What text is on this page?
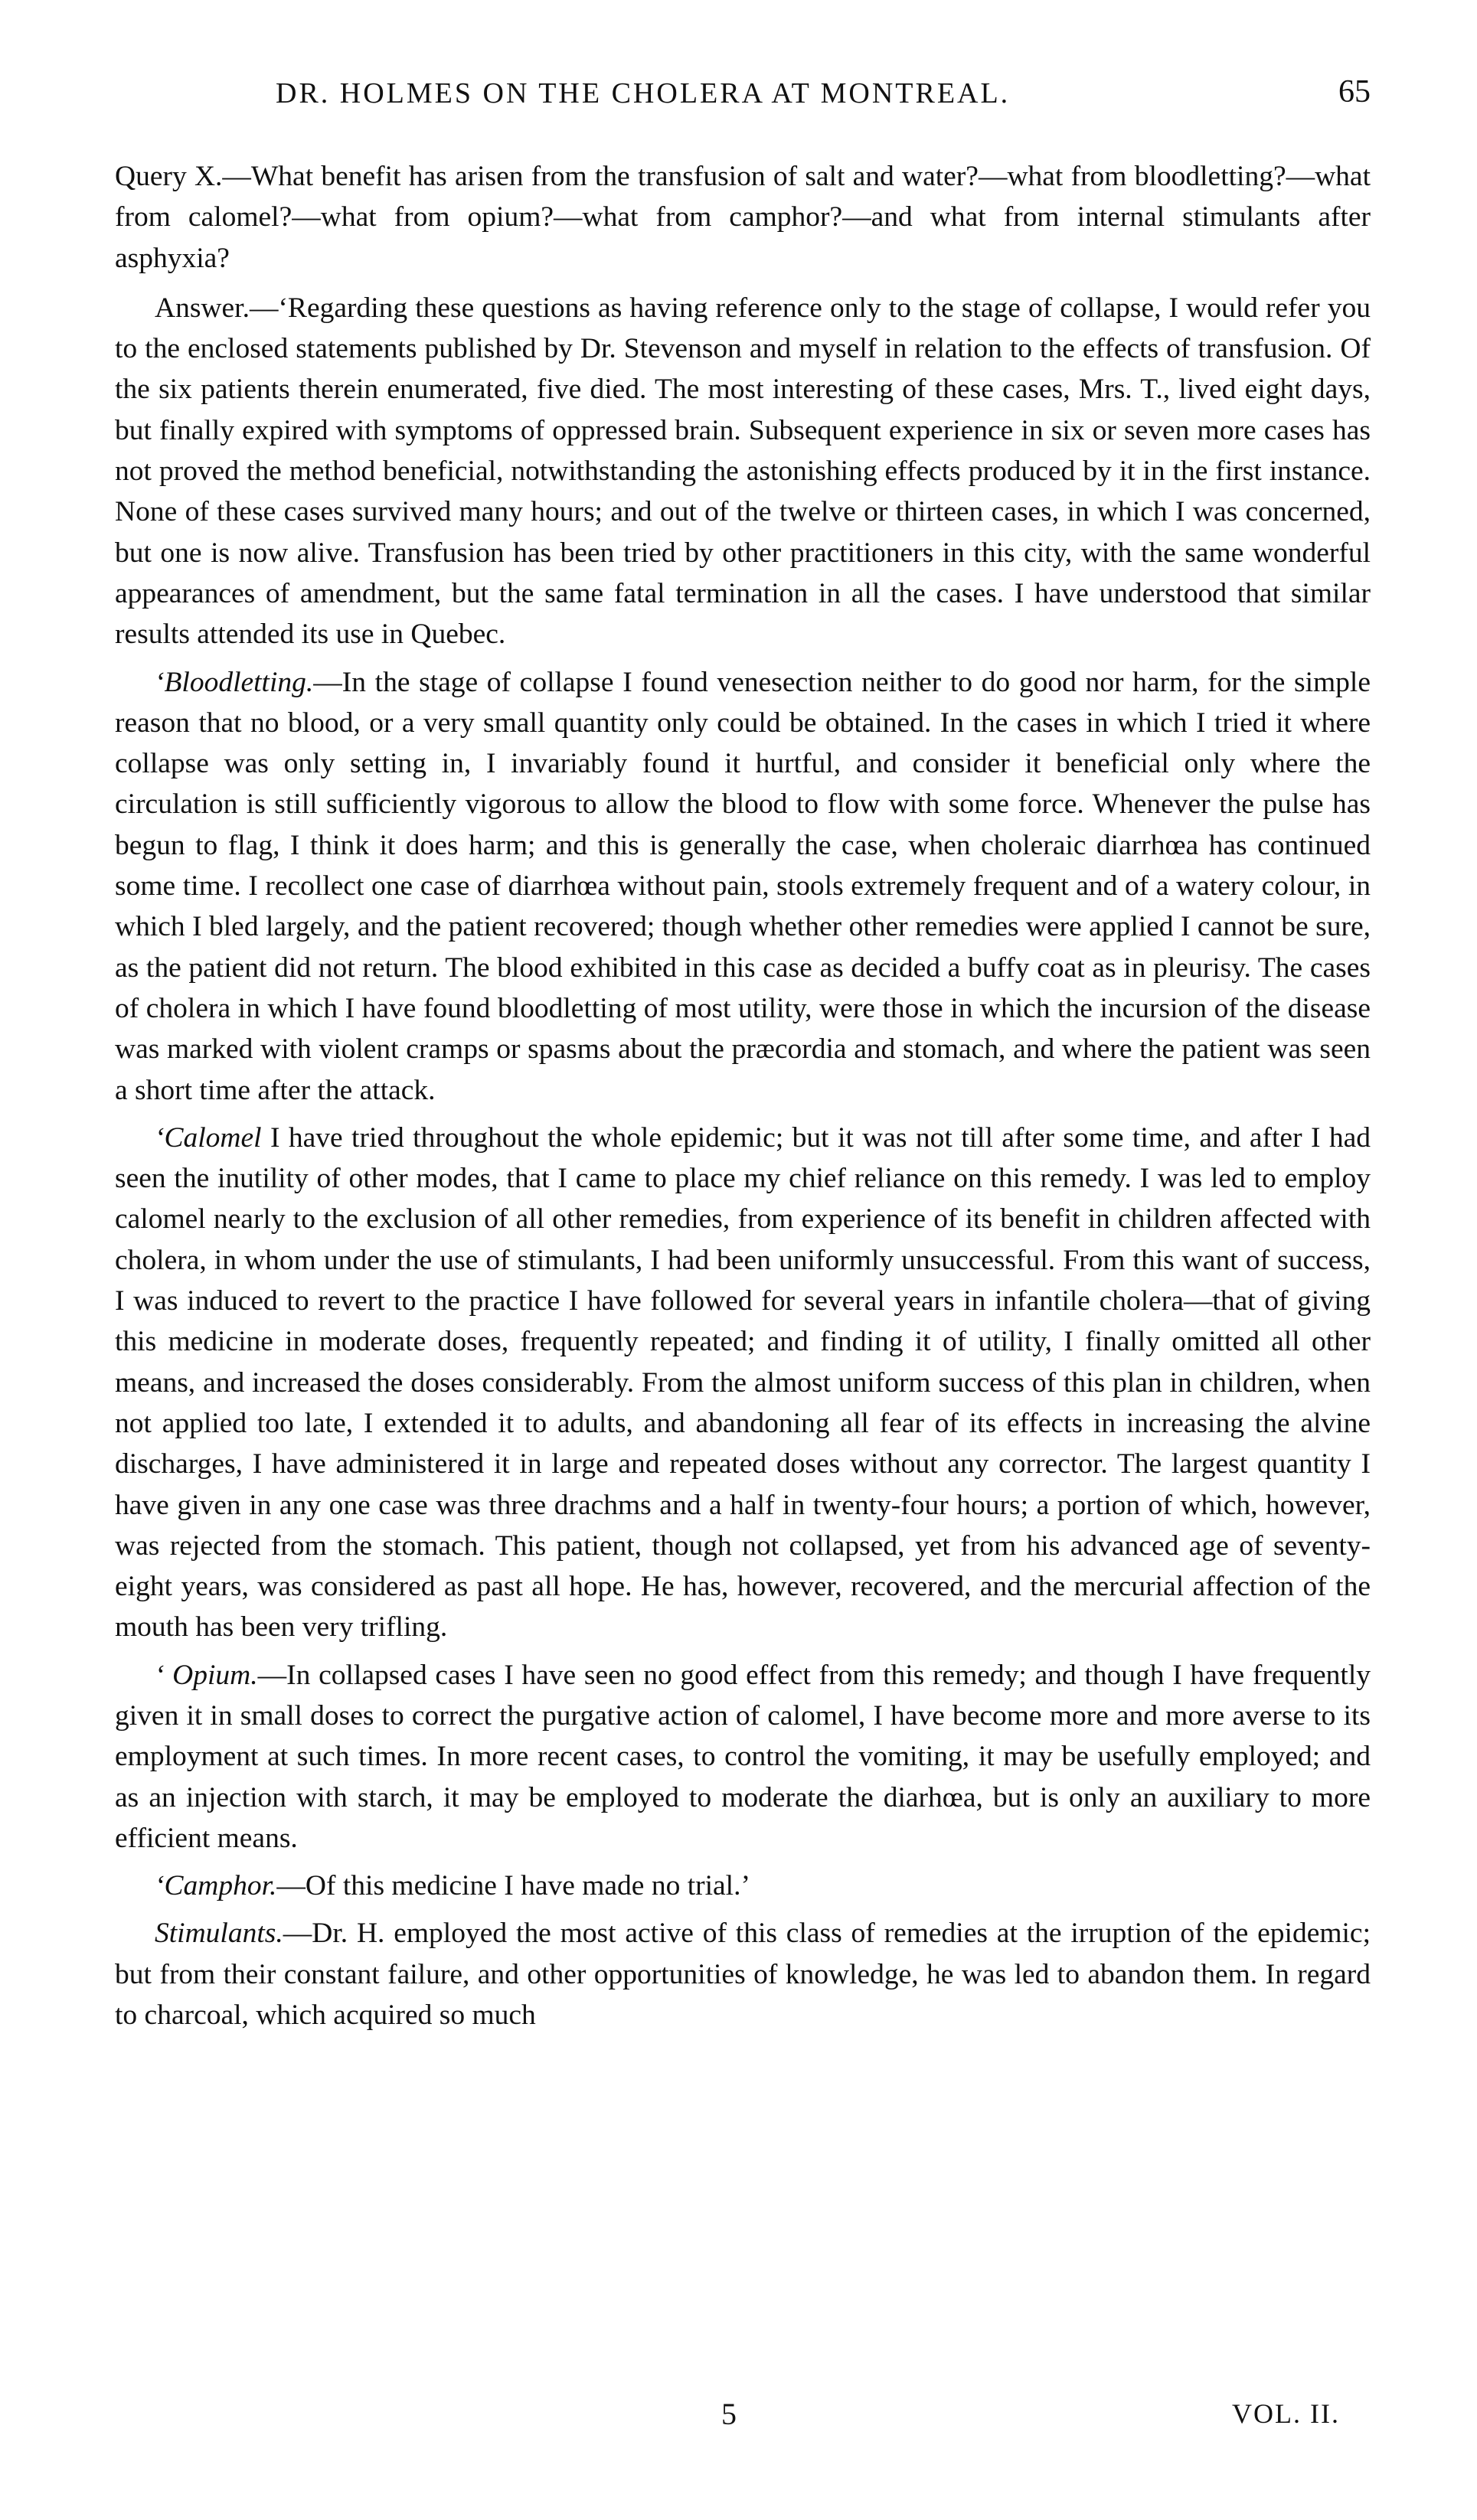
DR. HOLMES ON THE CHOLERA AT MONTREAL.	65

Query X.—What benefit has arisen from the transfusion of salt and water?—what from bloodletting?—what from calomel?—what from opium?—what from camphor?—and what from internal stimulants after asphyxia?

Answer.—‘Regarding these questions as having reference only to the stage of collapse, I would refer you to the enclosed statements published by Dr. Stevenson and myself in relation to the effects of transfusion. Of the six patients therein enumerated, five died. The most interesting of these cases, Mrs. T., lived eight days, but finally expired with symptoms of oppressed brain. Subsequent experience in six or seven more cases has not proved the method beneficial, notwithstanding the astonishing effects produced by it in the first instance. None of these cases survived many hours; and out of the twelve or thirteen cases, in which I was concerned, but one is now alive. Transfusion has been tried by other practitioners in this city, with the same wonderful appearances of amendment, but the same fatal termination in all the cases. I have understood that similar results attended its use in Quebec.

‘Bloodletting.—In the stage of collapse I found venesection neither to do good nor harm, for the simple reason that no blood, or a very small quantity only could be obtained. In the cases in which I tried it where collapse was only setting in, I invariably found it hurtful, and consider it beneficial only where the circulation is still sufficiently vigorous to allow the blood to flow with some force. Whenever the pulse has begun to flag, I think it does harm; and this is generally the case, when choleraic diarrhœa has continued some time. I recollect one case of diarrhœa without pain, stools extremely frequent and of a watery colour, in which I bled largely, and the patient recovered; though whether other remedies were applied I cannot be sure, as the patient did not return. The blood exhibited in this case as decided a buffy coat as in pleurisy. The cases of cholera in which I have found bloodletting of most utility, were those in which the incursion of the disease was marked with violent cramps or spasms about the præcordia and stomach, and where the patient was seen a short time after the attack.

‘Calomel I have tried throughout the whole epidemic; but it was not till after some time, and after I had seen the inutility of other modes, that I came to place my chief reliance on this remedy. I was led to employ calomel nearly to the exclusion of all other remedies, from experience of its benefit in children affected with cholera, in whom under the use of stimulants, I had been uniformly unsuccessful. From this want of success, I was induced to revert to the practice I have followed for several years in infantile cholera—that of giving this medicine in moderate doses, frequently repeated; and finding it of utility, I finally omitted all other means, and increased the doses considerably. From the almost uniform success of this plan in children, when not applied too late, I extended it to adults, and abandoning all fear of its effects in increasing the alvine discharges, I have administered it in large and repeated doses without any corrector. The largest quantity I have given in any one case was three drachms and a half in twenty-four hours; a portion of which, however, was rejected from the stomach. This patient, though not collapsed, yet from his advanced age of seventy-eight years, was considered as past all hope. He has, however, recovered, and the mercurial affection of the mouth has been very trifling.

‘ Opium.—In collapsed cases I have seen no good effect from this remedy; and though I have frequently given it in small doses to correct the purgative action of calomel, I have become more and more averse to its employment at such times. In more recent cases, to control the vomiting, it may be usefully employed; and as an injection with starch, it may be employed to moderate the diarhœa, but is only an auxiliary to more efficient means.

‘Camphor.—Of this medicine I have made no trial.’

Stimulants.—Dr. H. employed the most active of this class of remedies at the irruption of the epidemic; but from their constant failure, and other opportunities of knowledge, he was led to abandon them. In regard to charcoal, which acquired so much

5	VOL. II.
